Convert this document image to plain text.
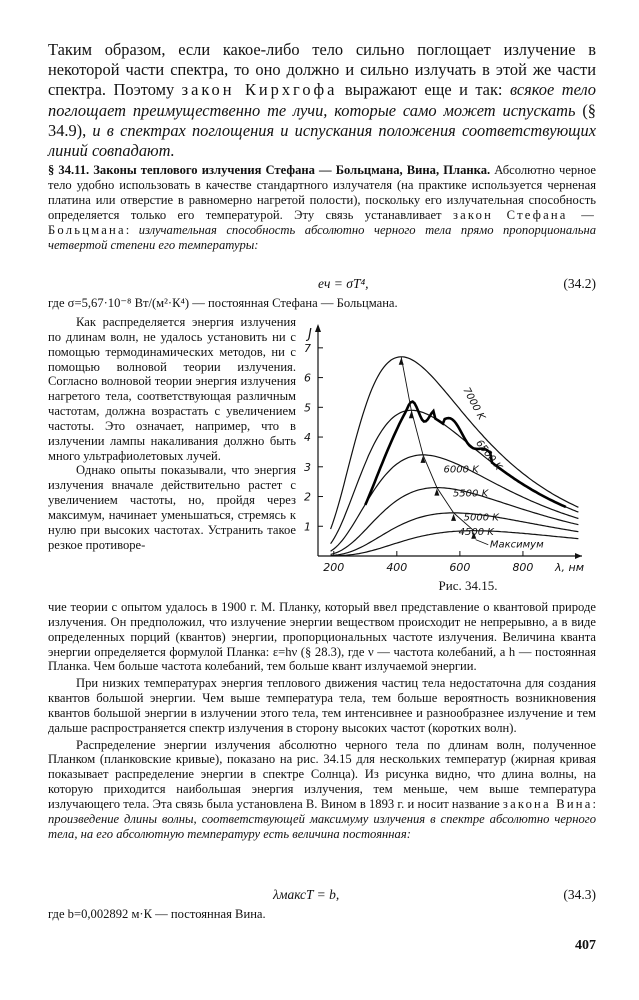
Таким образом, если какое-либо тело сильно поглощает излучение в некоторой части спектра, то оно должно и сильно излучать в этой же части спектра. Поэтому закон Кирхгофа выражают еще и так: всякое тело поглощает преимущественно те лучи, которые само может испускать (§ 34.9), и в спектрах поглощения и испускания положения соответствующих линий совпадают.
§ 34.11. Законы теплового излучения Стефана — Больцмана, Вина, Планка. Абсолютно черное тело удобно использовать в качестве стандартного излучателя (на практике используется черненая платина или отверстие в равномерно нагретой полости), поскольку его излучательная способность определяется только его температурой. Эту связь устанавливает закон Стефана — Больцмана: излучательная способность абсолютно черного тела прямо пропорциональна четвертой степени его температуры:
eч = σT⁴,	(34.2)
где σ=5,67·10⁻⁸ Вт/(м²·К⁴) — постоянная Стефана — Больцмана.

Как распределяется энергия излучения по длинам волн, не удалось установить ни с помощью термодинамических методов, ни с помощью волновой теории излучения. Согласно волновой теории энергия излучения нагретого тела, соответствующая различным частотам, должна возрастать с увеличением частоты. Это означает, например, что в излучении лампы накаливания должно быть много ультрафиолетовых лучей.

Однако опыты показывали, что энергия излучения вначале действительно растет с увеличением частоты, но, пройдя через максимум, начинает уменьшаться, стремясь к нулю при высоких частотах. Устранить такое резкое противоре-

1
2
3
4
5
6
7
200	400	600	800
J
λ, нм
7000 K
6500 K
6000 K
5500 K
5000 K
4500 K
Максимум
Рис. 34.15.

чие теории с опытом удалось в 1900 г. М. Планку, который ввел представление о квантовой природе излучения. Он предположил, что излучение энергии веществом происходит не непрерывно, а в виде определенных порций (квантов) энергии, пропорциональных частоте излучения. Величина кванта энергии определяется формулой Планка: ε=hν (§ 28.3), где ν — частота колебаний, а h — постоянная Планка. Чем больше частота колебаний, тем больше квант излучаемой энергии.

При низких температурах энергия теплового движения частиц тела недостаточна для создания квантов большой энергии. Чем выше температура тела, тем больше вероятность возникновения квантов большой энергии в излучении этого тела, тем интенсивнее и разнообразнее излучение и тем дальше распространяется спектр излучения в сторону высоких частот (коротких волн).

Распределение энергии излучения абсолютно черного тела по длинам волн, полученное Планком (планковские кривые), показано на рис. 34.15 для нескольких температур (жирная кривая показывает распределение энергии в спектре Солнца). Из рисунка видно, что длина волны, на которую приходится наибольшая энергия излучения, тем меньше, чем выше температура излучающего тела. Эта связь была установлена В. Вином в 1893 г. и носит название закона Вина: произведение длины волны, соответствующей максимуму излучения в спектре абсолютно черного тела, на его абсолютную температуру есть величина постоянная:

λмаксT = b,	(34.3)
где b=0,002892 м·К — постоянная Вина.
407
